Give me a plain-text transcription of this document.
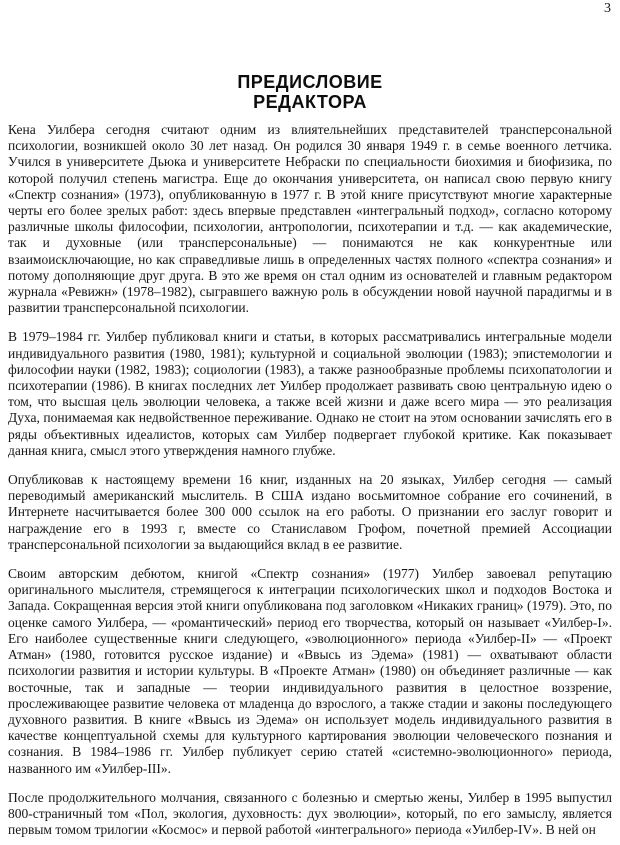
3
ПРЕДИСЛОВИЕ
РЕДАКТОРА

Кена Уилбера сегодня считают одним из влиятельнейших представителей трансперсональной психологии, возникшей около 30 лет назад. Он родился 30 января 1949 г. в семье военного летчика. Учился в университете Дьюка и университете Небраски по специальности биохимия и биофизика, по которой получил степень магистра. Еще до окончания университета, он написал свою первую книгу «Спектр сознания» (1973), опубликованную в 1977 г. В этой книге присутствуют многие характерные черты его более зрелых работ: здесь впервые представлен «интегральный подход», согласно которому различные школы философии, психологии, антропологии, психотерапии и т.д. — как академические, так и духовные (или трансперсональные) — понимаются не как конкурентные или взаимоисключающие, но как справедливые лишь в определенных частях полного «спектра сознания» и потому дополняющие друг друга. В это же время он стал одним из основателей и главным редактором журнала «Ревижн» (1978–1982), сыгравшего важную роль в обсуждении новой научной парадигмы и в развитии трансперсональной психологии.

В 1979–1984 гг. Уилбер публиковал книги и статьи, в которых рассматривались интегральные модели индивидуального развития (1980, 1981); культурной и социальной эволюции (1983); эпистемологии и философии науки (1982, 1983); социологии (1983), а также разнообразные проблемы психопатологии и психотерапии (1986). В книгах последних лет Уилбер продолжает развивать свою центральную идею о том, что высшая цель эволюции человека, а также всей жизни и даже всего мира — это реализация Духа, понимаемая как недвойственное переживание. Однако не стоит на этом основании зачислять его в ряды объективных идеалистов, которых сам Уилбер подвергает глубокой критике. Как показывает данная книга, смысл этого утверждения намного глубже.

Опубликовав к настоящему времени 16 книг, изданных на 20 языках, Уилбер сегодня — самый переводимый американский мыслитель. В США издано восьмитомное собрание его сочинений, в Интернете насчитывается более 300 000 ссылок на его работы. О признании его заслуг говорит и награждение его в 1993 г, вместе со Станиславом Грофом, почетной премией Ассоциации трансперсональной психологии за выдающийся вклад в ее развитие.

Своим авторским дебютом, книгой «Спектр сознания» (1977) Уилбер завоевал репутацию оригинального мыслителя, стремящегося к интеграции психологических школ и подходов Востока и Запада. Сокращенная версия этой книги опубликована под заголовком «Никаких границ» (1979). Это, по оценке самого Уилбера, — «романтический» период его творчества, который он называет «Уилбер-I». Его наиболее существенные книги следующего, «эволюционного» периода «Уилбер-II» — «Проект Атман» (1980, готовится русское издание) и «Ввысь из Эдема» (1981) — охватывают области психологии развития и истории культуры. В «Проекте Атман» (1980) он объединяет различные — как восточные, так и западные — теории индивидуального развития в целостное воззрение, прослеживающее развитие человека от младенца до взрослого, а также стадии и законы последующего духовного развития. В книге «Ввысь из Эдема» он использует модель индивидуального развития в качестве концептуальной схемы для культурного картирования эволюции человеческого познания и сознания. В 1984–1986 гг. Уилбер публикует серию статей «системно-эволюционного» периода, названного им «Уилбер-III».

После продолжительного молчания, связанного с болезнью и смертью жены, Уилбер в 1995 выпустил 800-страничный том «Пол, экология, духовность: дух эволюции», который, по его замыслу, является первым томом трилогии «Космос» и первой работой «интегрального» периода «Уилбер-IV». В ней он
